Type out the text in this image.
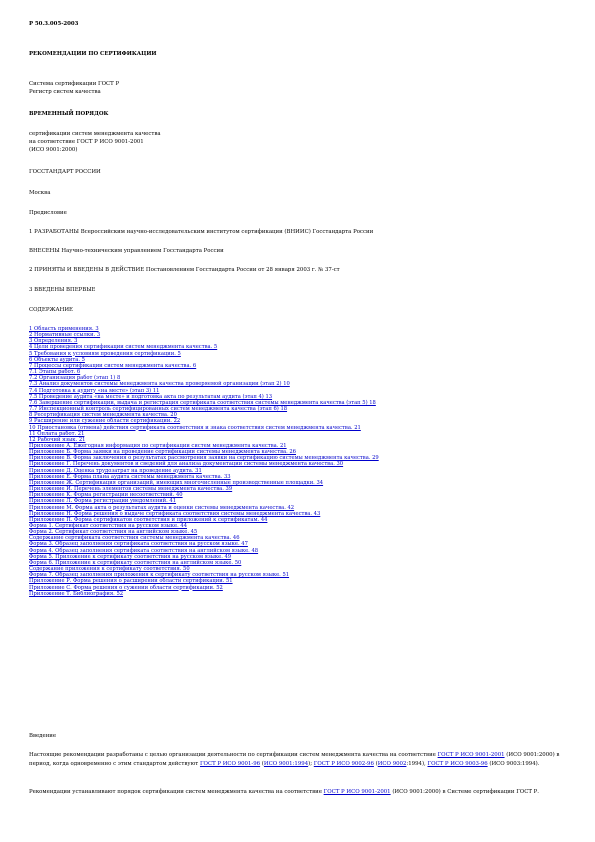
Р 50.3.005-2003
РЕКОМЕНДАЦИИ ПО СЕРТИФИКАЦИИ
Система сертификации ГОСТ Р
Регистр систем качества
ВРЕМЕННЫЙ ПОРЯДОК
сертификации систем менеджмента качества
на соответствие ГОСТ Р ИСО 9001-2001
(ИСО 9001:2000)
ГОССТАНДАРТ РОССИИ
Москва
Предисловие
1 РАЗРАБОТАНЫ Всероссийским научно-исследовательским институтом сертификации (ВНИИС) Госстандарта России
ВНЕСЕНЫ Научно-техническим управлением Госстандарта России
2 ПРИНЯТЫ И ВВЕДЕНЫ В ДЕЙСТВИЕ Постановлением Госстандарта России от 28 января 2003 г. № 37-ст
3 ВВЕДЕНЫ ВПЕРВЫЕ
СОДЕРЖАНИЕ
1 Область применения. 3
2 Нормативные ссылки. 3
3 Определения. 3
4 Цели проведения сертификации систем менеджмента качества. 5
5 Требования к условиям проведения сертификации. 5
6 Объекты аудита. 5
7 Процессы сертификации систем менеджмента качества. 6
7.1 Этапы работ. 6
7.2 Организация работ (этап 1) 8
7.3 Анализ документов системы менеджмента качества проверяемой организации (этап 2) 10
7.4 Подготовка к аудиту «на месте» (этап 3) 11
7.5 Проведение аудита «на месте» и подготовка акта по результатам аудита (этап 4) 13
7.6 Завершение сертификации, выдача и регистрация сертификата соответствия системы менеджмента качества (этап 5) 18
7.7 Инспекционный контроль сертифицированных систем менеджмента качества (этап 6) 18
8 Ресертификация систем менеджмента качества. 20
9 Расширение или сужение области сертификации. 22
10 Приостановка (отмена) действия сертификата соответствия и знака соответствия систем менеджмента качества. 21
11 Оплата работ. 21
12 Рабочий язык. 21
Приложение А. Ежегодная информация по сертификации систем менеджмента качества. 21
Приложение Б. Форма заявки на проведение сертификации системы менеджмента качества. 26
Приложение В. Форма заключения о результатах рассмотрения заявки на сертификацию системы менеджмента качества. 29
Приложение Г. Перечень документов и сведений для анализа документации системы менеджмента качества. 30
Приложение Д. Оценка трудозатрат на проведение аудита. 31
Приложение Е. Форма плана аудита системы менеджмента качества. 33
Приложение Ж. Сертификация организаций, имеющих многочисленные производственные площадки. 34
Приложение И. Перечень элементов системы менеджмента качества. 39
Приложение К. Форма регистрации несоответствий. 40
Приложение Л. Форма регистрации уведомлений. 41
Приложение М. Форма акта о результатах аудита и оценки системы менеджмента качества. 42
Приложение Н. Форма решения о выдаче сертификата соответствия системы менеджмента качества. 43
Приложение П. Форма сертификатов соответствия и приложений к сертификатам. 44
Форма 1. Сертификат соответствия на русском языке. 44
Форма 2. Сертификат соответствия на английском языке. 45
Содержание сертификата соответствия системы менеджмента качества. 46
Форма 3. Образец заполнения сертификата соответствия на русском языке. 47
Форма 4. Образец заполнения сертификата соответствия на английском языке. 48
Форма 5. Приложение к сертификату соответствия на русском языке. 49
Форма 6. Приложение к сертификату соответствия на английском языке. 50
Содержание приложения к сертификату соответствия. 50
Форма 7. Образец заполнения приложения к сертификату соответствия на русском языке. 51
Приложение Р. Форма решения о расширении области сертификации. 51
Приложение С. Форма решения о сужении области сертификации. 52
Приложение Т. Библиография. 52
Введение
Настоящие рекомендации разработаны с целью организации деятельности по сертификации систем менеджмента качества на соответствие ГОСТ Р ИСО 9001-2001 (ИСО 9001:2000) в период, когда одновременно с этим стандартом действуют ГОСТ Р ИСО 9001-96 (ИСО 9001:1994); ГОСТ Р ИСО 9002-96 (ИСО 9002:1994), ГОСТ Р ИСО 9003-96 (ИСО 9003:1994).
Рекомендации устанавливают порядок сертификации систем менеджмента качества на соответствие ГОСТ Р ИСО 9001-2001 (ИСО 9001:2000) в Системе сертификации ГОСТ Р.
